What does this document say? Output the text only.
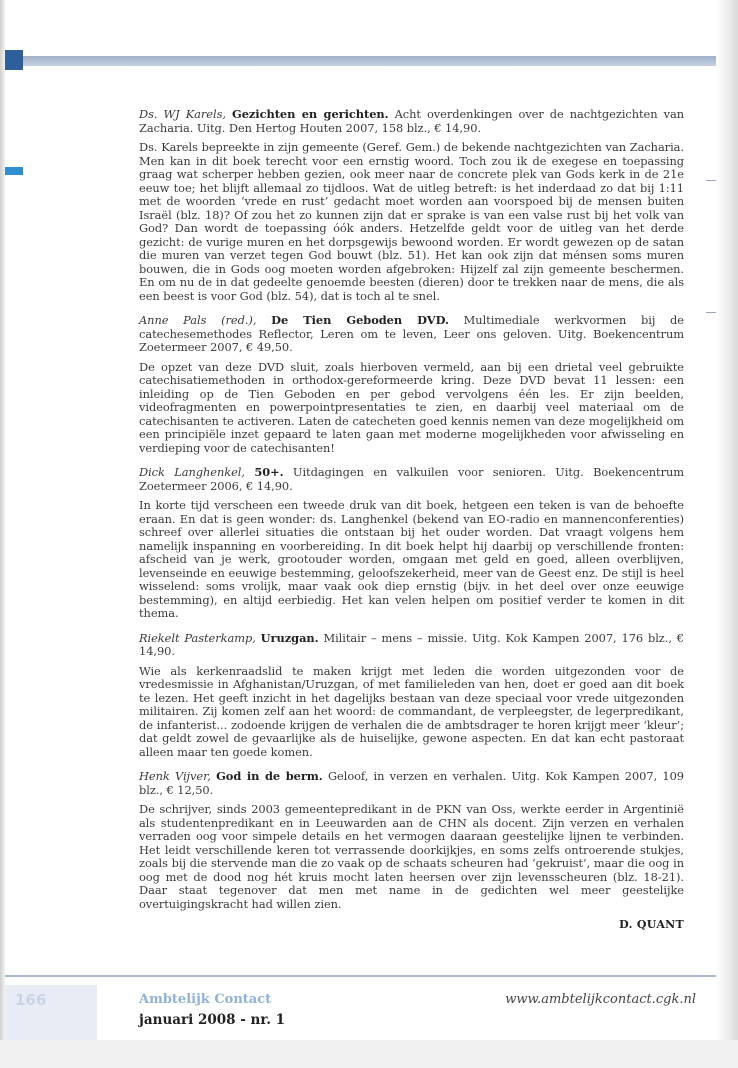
Ds. WJ Karels, Gezichten en gerichten. Acht overdenkingen over de nachtgezichten van Zacharia. Uitg. Den Hertog Houten 2007, 158 blz., € 14,90.

Ds. Karels bepreekte in zijn gemeente (Geref. Gem.) de bekende nachtgezichten van Zacharia. Men kan in dit boek terecht voor een ernstig woord. Toch zou ik de exegese en toepassing graag wat scherper hebben gezien, ook meer naar de concrete plek van Gods kerk in de 21e eeuw toe; het blijft allemaal zo tijdloos. Wat de uitleg betreft: is het inderdaad zo dat bij 1:11 met de woorden ‘vrede en rust’ gedacht moet worden aan voorspoed bij de mensen buiten Israël (blz. 18)? Of zou het zo kunnen zijn dat er sprake is van een valse rust bij het volk van God? Dan wordt de toepassing óók anders. Hetzelfde geldt voor de uitleg van het derde gezicht: de vurige muren en het dorpsgewijs bewoond worden. Er wordt gewezen op de satan die muren van verzet tegen God bouwt (blz. 51). Het kan ook zijn dat ménsen soms muren bouwen, die in Gods oog moeten worden afgebroken: Hijzelf zal zijn gemeente beschermen. En om nu de in dat gedeelte genoemde beesten (dieren) door te trekken naar de mens, die als een beest is voor God (blz. 54), dat is toch al te snel.

Anne Pals (red.), De Tien Geboden DVD. Multimediale werkvormen bij de catechesemethodes Reflector, Leren om te leven, Leer ons geloven. Uitg. Boekencentrum Zoetermeer 2007, € 49,50.

De opzet van deze DVD sluit, zoals hierboven vermeld, aan bij een drietal veel gebruikte catechisatiemethoden in orthodox-gereformeerde kring. Deze DVD bevat 11 lessen: een inleiding op de Tien Geboden en per gebod vervolgens één les. Er zijn beelden, videofragmenten en powerpointpresentaties te zien, en daarbij veel materiaal om de catechisanten te activeren. Laten de catecheten goed kennis nemen van deze mogelijkheid om een principiële inzet gepaard te laten gaan met moderne mogelijkheden voor afwisseling en verdieping voor de catechisanten!

Dick Langhenkel, 50+. Uitdagingen en valkuilen voor senioren. Uitg. Boekencentrum Zoetermeer 2006, € 14,90.

In korte tijd verscheen een tweede druk van dit boek, hetgeen een teken is van de behoefte eraan. En dat is geen wonder: ds. Langhenkel (bekend van EO-radio en mannenconferenties) schreef over allerlei situaties die ontstaan bij het ouder worden. Dat vraagt volgens hem namelijk inspanning en voorbereiding. In dit boek helpt hij daarbij op verschillende fronten: afscheid van je werk, grootouder worden, omgaan met geld en goed, alleen overblijven, levenseinde en eeuwige bestemming, geloofszekerheid, meer van de Geest enz. De stijl is heel wisselend: soms vrolijk, maar vaak ook diep ernstig (bijv. in het deel over onze eeuwige bestemming), en altijd eerbiedig. Het kan velen helpen om positief verder te komen in dit thema.

Riekelt Pasterkamp, Uruzgan. Militair – mens – missie. Uitg. Kok Kampen 2007, 176 blz., € 14,90.

Wie als kerkenraadslid te maken krijgt met leden die worden uitgezonden voor de vredesmissie in Afghanistan/Uruzgan, of met familieleden van hen, doet er goed aan dit boek te lezen. Het geeft inzicht in het dagelijks bestaan van deze speciaal voor vrede uitgezonden militairen. Zij komen zelf aan het woord: de commandant, de verpleegster, de legerpredikant, de infanterist... zodoende krijgen de verhalen die de ambtsdrager te horen krijgt meer ‘kleur’; dat geldt zowel de gevaarlijke als de huiselijke, gewone aspecten. En dat kan echt pastoraat alleen maar ten goede komen.

Henk Vijver, God in de berm. Geloof, in verzen en verhalen. Uitg. Kok Kampen 2007, 109 blz., € 12,50.

De schrijver, sinds 2003 gemeentepredikant in de PKN van Oss, werkte eerder in Argentinië als studentenpredikant en in Leeuwarden aan de CHN als docent. Zijn verzen en verhalen verraden oog voor simpele details en het vermogen daaraan geestelijke lijnen te verbinden. Het leidt verschillende keren tot verrassende doorkijkjes, en soms zelfs ontroerende stukjes, zoals bij die stervende man die zo vaak op de schaats scheuren had ‘gekruist’, maar die oog in oog met de dood nog hét kruis mocht laten heersen over zijn levensscheuren (blz. 18-21). Daar staat tegenover dat men met name in de gedichten wel meer geestelijke overtuigingskracht had willen zien.

D. QUANT
166	Ambtelijk Contact
januari 2008 - nr. 1
www.ambtelijkcontact.cgk.nl
